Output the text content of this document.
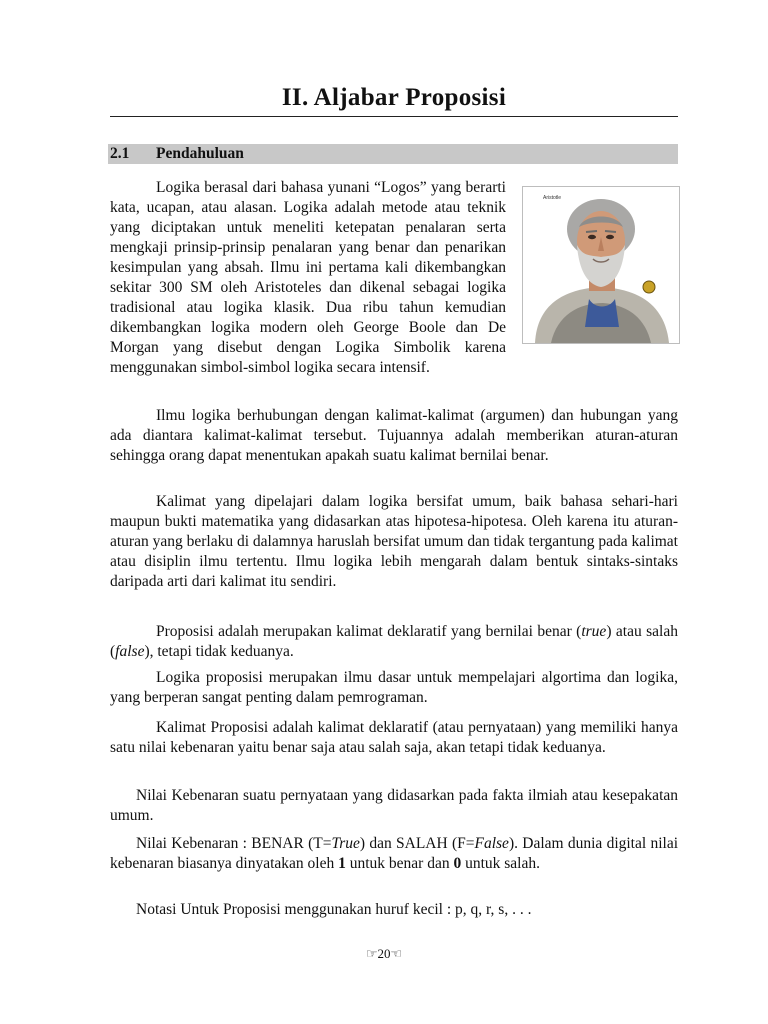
II. Aljabar Proposisi
2.1 Pendahuluan
Aristotle

Logika berasal dari bahasa yunani “Logos” yang berarti kata, ucapan, atau alasan. Logika adalah metode atau teknik yang diciptakan untuk meneliti ketepatan penalaran serta mengkaji prinsip-prinsip penalaran yang benar dan penarikan kesimpulan yang absah. Ilmu ini pertama kali dikembangkan sekitar 300 SM oleh Aristoteles dan dikenal sebagai logika tradisional atau logika klasik. Dua ribu tahun kemudian dikembangkan logika modern oleh George Boole dan De Morgan yang disebut dengan Logika Simbolik karena menggunakan simbol-simbol logika secara intensif.

Ilmu logika berhubungan dengan kalimat-kalimat (argumen) dan hubungan yang ada diantara kalimat-kalimat tersebut. Tujuannya adalah memberikan aturan-aturan sehingga orang dapat menentukan apakah suatu kalimat bernilai benar.

Kalimat yang dipelajari dalam logika bersifat umum, baik bahasa sehari-hari maupun bukti matematika yang didasarkan atas hipotesa-hipotesa. Oleh karena itu aturan-aturan yang berlaku di dalamnya haruslah bersifat umum dan tidak tergantung pada kalimat atau disiplin ilmu tertentu. Ilmu logika lebih mengarah dalam bentuk sintaks-sintaks daripada arti dari kalimat itu sendiri.

Proposisi adalah merupakan kalimat deklaratif yang bernilai benar (true) atau salah (false), tetapi tidak keduanya.

Logika proposisi merupakan ilmu dasar untuk mempelajari algortima dan logika, yang berperan sangat penting dalam pemrograman.

Kalimat Proposisi adalah kalimat deklaratif (atau pernyataan) yang memiliki hanya satu nilai kebenaran yaitu benar saja atau salah saja, akan tetapi tidak keduanya.

Nilai Kebenaran suatu pernyataan yang didasarkan pada fakta ilmiah atau kesepakatan umum.

Nilai Kebenaran : BENAR (T=True) dan SALAH (F=False). Dalam dunia digital nilai kebenaran biasanya dinyatakan oleh 1 untuk benar dan 0 untuk salah.

Notasi Untuk Proposisi menggunakan huruf kecil : p, q, r, s, . . .

☞20☜
